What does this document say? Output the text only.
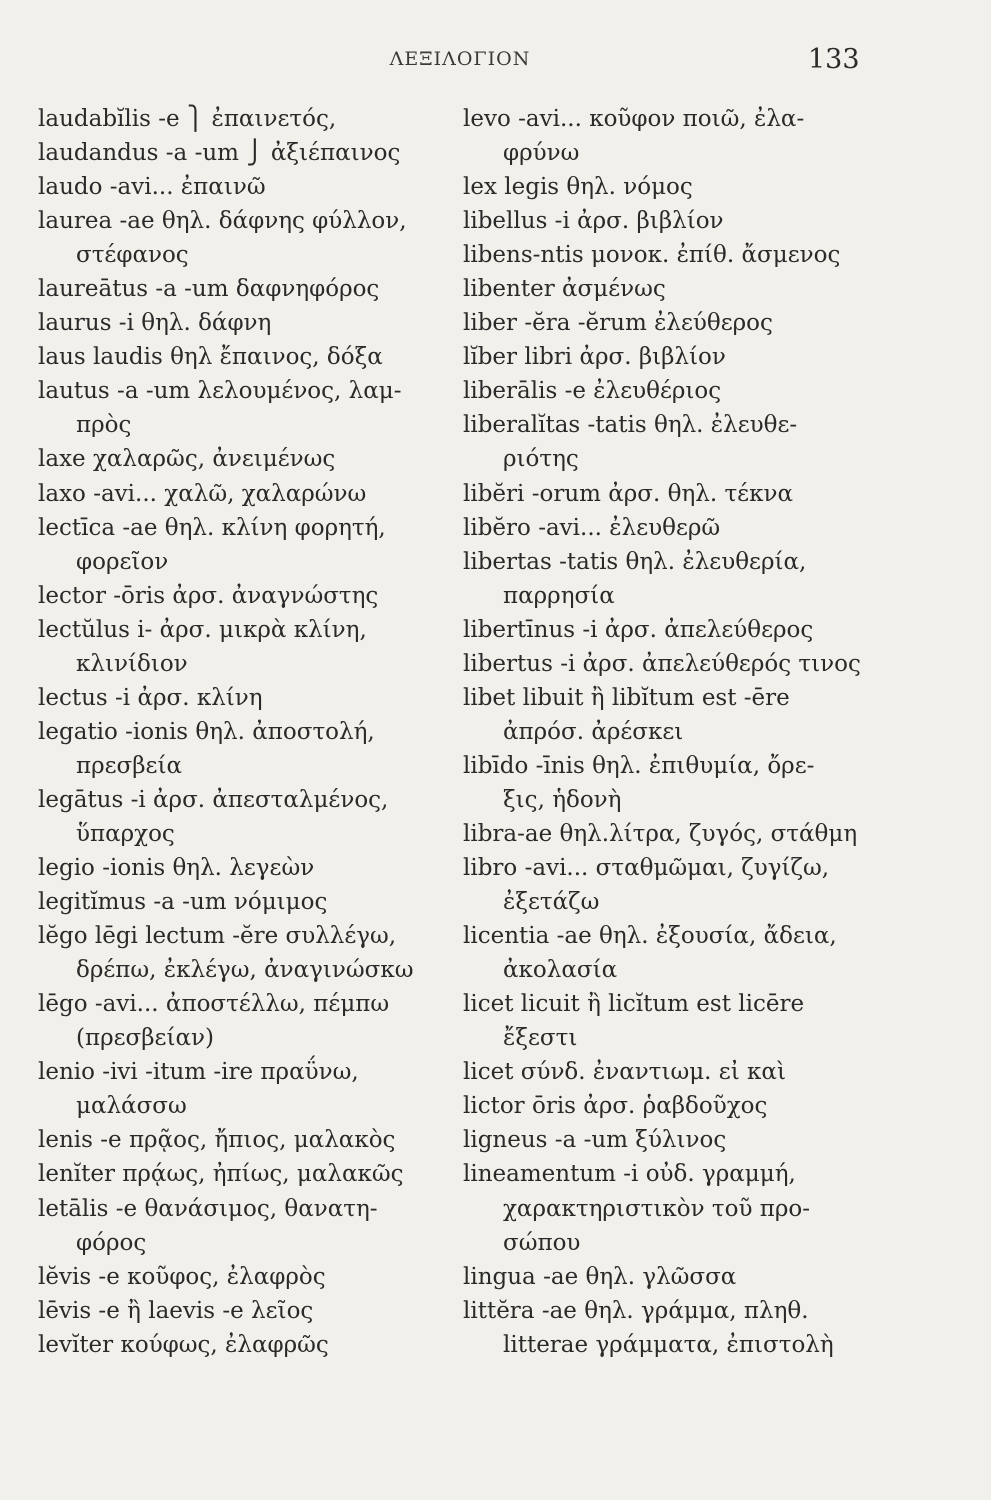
ΛΕΞΙΛΟΓΙΟΝ	133
laudabĭlis -e ⎫ ἐπαινετός,
laudandus -a -um ⎭ ἀξιέπαινος
laudo -avi... ἐπαινῶ
laurea -ae θηλ. δάφνης φύλλον,
στέφανος
laureātus -a -um δαφνηφόρος
laurus -i θηλ. δάφνη
laus laudis θηλ ἔπαινος, δόξα
lautus -a -um λελουμένος, λαμ-
πρὸς
laxe χαλαρῶς, ἀνειμένως
laxo -avi... χαλῶ, χαλαρώνω
lectīca -ae θηλ. κλίνη φορητή,
φορεῖον
lector -ōris ἀρσ. ἀναγνώστης
lectŭlus i- ἀρσ. μικρὰ κλίνη,
κλινίδιον
lectus -i ἀρσ. κλίνη
legatio -ionis θηλ. ἀποστολή,
πρεσβεία
legātus -i ἀρσ. ἀπεσταλμένος,
ὕπαρχος
legio -ionis θηλ. λεγεὼν
legitĭmus -a -um νόμιμος
lĕgo lēgi lectum -ĕre συλλέγω,
δρέπω, ἐκλέγω, ἀναγινώσκω
lēgo -avi... ἀποστέλλω, πέμπω
(πρεσβείαν)
lenio -ivi -itum -ire πραΰνω,
μαλάσσω
lenis -e πρᾷος, ἤπιος, μαλακὸς
lenĭter πρᾴως, ἠπίως, μαλακῶς
letālis -e θανάσιμος, θανατη-
φόρος
lĕvis -e κοῦφος, ἐλαφρὸς
lēvis -e ἢ laevis -e λεῖος
levĭter κούφως, ἐλαφρῶς
levo -avi... κοῦφον ποιῶ, ἐλα-
φρύνω
lex legis θηλ. νόμος
libellus -i ἀρσ. βιβλίον
libens-ntis μονοκ. ἐπίθ. ἄσμενος
libenter ἀσμένως
liber -ĕra -ĕrum ἐλεύθερος
lĭber libri ἀρσ. βιβλίον
liberālis -e ἐλευθέριος
liberalĭtas -tatis θηλ. ἐλευθε-
ριότης
libĕri -orum ἀρσ. θηλ. τέκνα
libĕro -avi... ἐλευθερῶ
libertas -tatis θηλ. ἐλευθερία,
παρρησία
libertīnus -i ἀρσ. ἀπελεύθερος
libertus -i ἀρσ. ἀπελεύθερός τινος
libet libuit ἢ libĭtum est -ēre
ἀπρόσ. ἀρέσκει
libīdo -īnis θηλ. ἐπιθυμία, ὄρε-
ξις, ἡδονὴ
libra-ae θηλ.λίτρα, ζυγός, στάθμη
libro -avi... σταθμῶμαι, ζυγίζω,
ἐξετάζω
licentia -ae θηλ. ἐξουσία, ἄδεια,
ἀκολασία
licet licuit ἢ licĭtum est licēre
ἔξεστι
licet σύνδ. ἐναντιωμ. εἰ καὶ
lictor ōris ἀρσ. ῥαβδοῦχος
ligneus -a -um ξύλινος
lineamentum -i οὐδ. γραμμή,
χαρακτηριστικὸν τοῦ προ-
σώπου
lingua -ae θηλ. γλῶσσα
littĕra -ae θηλ. γράμμα, πληθ.
litterae γράμματα, ἐπιστολὴ
